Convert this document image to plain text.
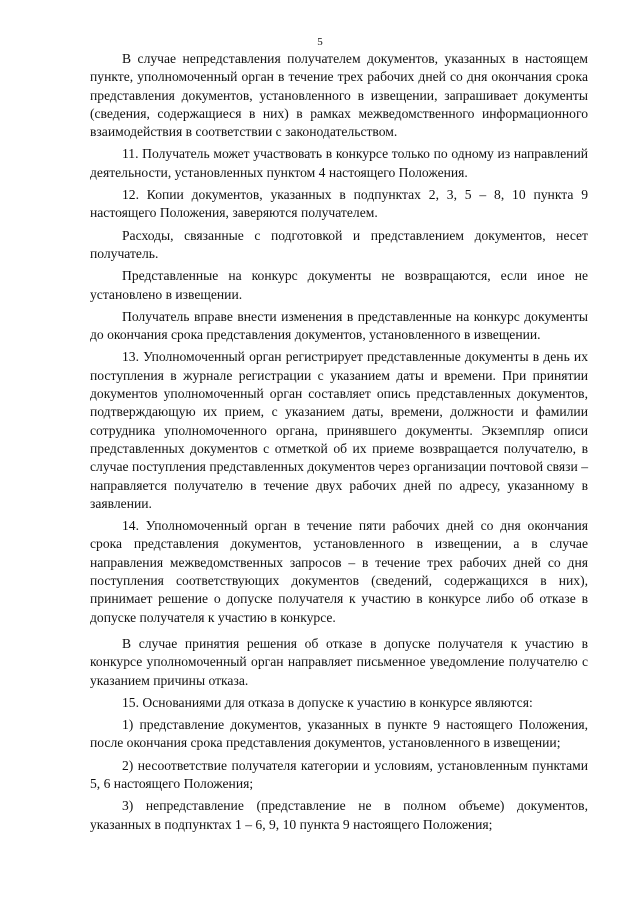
5

В случае непредставления получателем документов, указанных в настоящем пункте, уполномоченный орган в течение трех рабочих дней со дня окончания срока представления документов, установленного в извещении, запрашивает документы (сведения, содержащиеся в них) в рамках межведомственного информационного взаимодействия в соответствии с законодательством.

11. Получатель может участвовать в конкурсе только по одному из направлений деятельности, установленных пунктом 4 настоящего Положения.

12. Копии документов, указанных в подпунктах 2, 3, 5 – 8, 10 пункта 9 настоящего Положения, заверяются получателем.

Расходы, связанные с подготовкой и представлением документов, несет получатель.

Представленные на конкурс документы не возвращаются, если иное не установлено в извещении.

Получатель вправе внести изменения в представленные на конкурс документы до окончания срока представления документов, установленного в извещении.

13. Уполномоченный орган регистрирует представленные документы в день их поступления в журнале регистрации с указанием даты и времени. При принятии документов уполномоченный орган составляет опись представленных документов, подтверждающую их прием, с указанием даты, времени, должности и фамилии сотрудника уполномоченного органа, принявшего документы. Экземпляр описи представленных документов с отметкой об их приеме возвращается получателю, в случае поступления представленных документов через организации почтовой связи – направляется получателю в течение двух рабочих дней по адресу, указанному в заявлении.

14. Уполномоченный орган в течение пяти рабочих дней со дня окончания срока представления документов, установленного в извещении, а в случае направления межведомственных запросов – в течение трех рабочих дней со дня поступления соответствующих документов (сведений, содержащихся в них), принимает решение о допуске получателя к участию в конкурсе либо об отказе в допуске получателя к участию в конкурсе.

В случае принятия решения об отказе в допуске получателя к участию в конкурсе уполномоченный орган направляет письменное уведомление получателю с указанием причины отказа.

15. Основаниями для отказа в допуске к участию в конкурсе являются:

1) представление документов, указанных в пункте 9 настоящего Положения, после окончания срока представления документов, установленного в извещении;

2) несоответствие получателя категории и условиям, установленным пунктами 5, 6 настоящего Положения;

3) непредставление (представление не в полном объеме) документов, указанных в подпунктах 1 – 6, 9, 10 пункта 9 настоящего Положения;
